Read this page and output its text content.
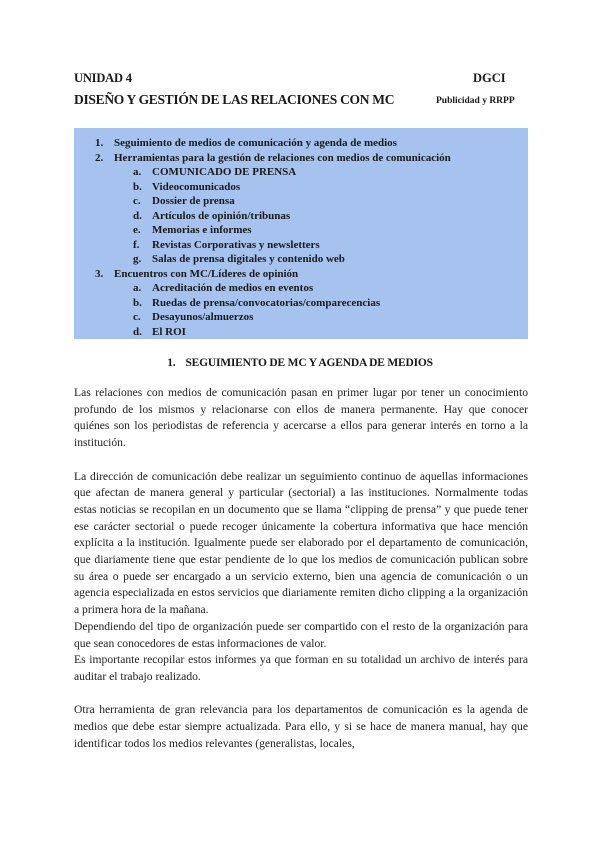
UNIDAD 4
DISEÑO Y GESTIÓN DE LAS RELACIONES CON MC
DGCI
Publicidad y RRPP
1. Seguimiento de medios de comunicación y agenda de medios
2. Herramientas para la gestión de relaciones con medios de comunicación
a. COMUNICADO DE PRENSA
b. Videocomunicados
c. Dossier de prensa
d. Artículos de opinión/tribunas
e. Memorias e informes
f. Revistas Corporativas y newsletters
g. Salas de prensa digitales y contenido web
3. Encuentros con MC/Líderes de opinión
a. Acreditación de medios en eventos
b. Ruedas de prensa/convocatorias/comparecencias
c. Desayunos/almuerzos
d. El ROI
1. SEGUIMIENTO DE MC Y AGENDA DE MEDIOS

Las relaciones con medios de comunicación pasan en primer lugar por tener un conocimiento profundo de los mismos y relacionarse con ellos de manera permanente. Hay que conocer quiénes son los periodistas de referencia y acercarse a ellos para generar interés en torno a la institución.

La dirección de comunicación debe realizar un seguimiento continuo de aquellas informaciones que afectan de manera general y particular (sectorial) a las instituciones. Normalmente todas estas noticias se recopilan en un documento que se llama “clipping de prensa” y que puede tener ese carácter sectorial o puede recoger únicamente la cobertura informativa que hace mención explícita a la institución. Igualmente puede ser elaborado por el departamento de comunicación, que diariamente tiene que estar pendiente de lo que los medios de comunicación publican sobre su área o puede ser encargado a un servicio externo, bien una agencia de comunicación o un agencia especializada en estos servicios que diariamente remiten dicho clipping a la organización a primera hora de la mañana.

Dependiendo del tipo de organización puede ser compartido con el resto de la organización para que sean conocedores de estas informaciones de valor.

Es importante recopilar estos informes ya que forman en su totalidad un archivo de interés para auditar el trabajo realizado.

Otra herramienta de gran relevancia para los departamentos de comunicación es la agenda de medios que debe estar siempre actualizada. Para ello, y si se hace de manera manual, hay que identificar todos los medios relevantes (generalistas, locales,
